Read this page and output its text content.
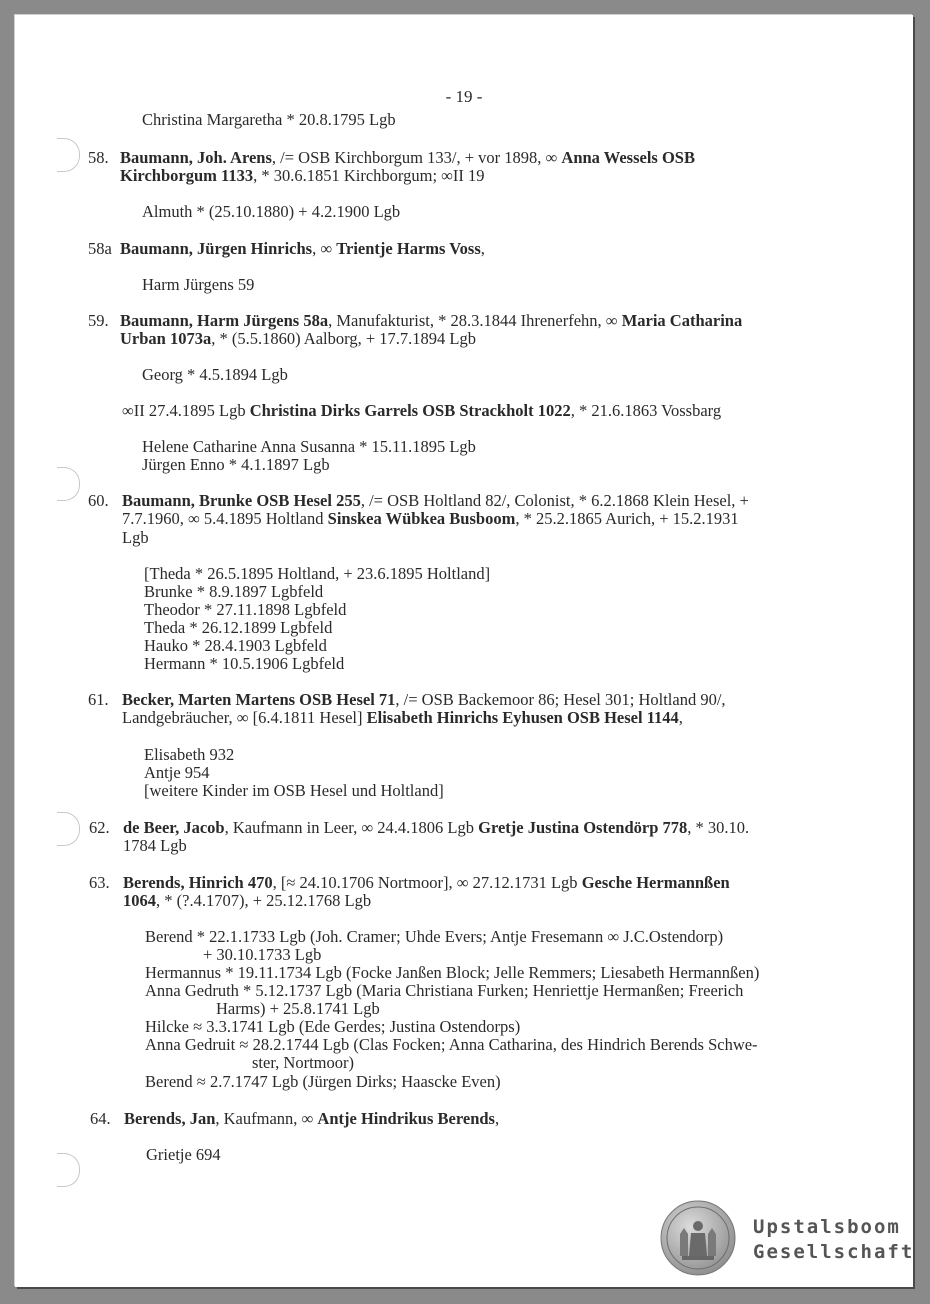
- 19 -
Christina Margaretha * 20.8.1795 Lgb
58. Baumann, Joh. Arens, /= OSB Kirchborgum 133/, + vor 1898, ∞ Anna Wessels OSB
Kirchborgum 1133, * 30.6.1851 Kirchborgum; ∞II 19
Almuth * (25.10.1880) + 4.2.1900 Lgb
58a Baumann, Jürgen Hinrichs, ∞ Trientje Harms Voss,
Harm Jürgens 59
59. Baumann, Harm Jürgens 58a, Manufakturist, * 28.3.1844 Ihrenerfehn, ∞ Maria Catharina
Urban 1073a, * (5.5.1860) Aalborg, + 17.7.1894 Lgb
Georg * 4.5.1894 Lgb
∞II 27.4.1895 Lgb Christina Dirks Garrels OSB Strackholt 1022, * 21.6.1863 Vossbarg
Helene Catharine Anna Susanna * 15.11.1895 Lgb
Jürgen Enno * 4.1.1897 Lgb
60. Baumann, Brunke OSB Hesel 255, /= OSB Holtland 82/, Colonist, * 6.2.1868 Klein Hesel, +
7.7.1960, ∞ 5.4.1895 Holtland Sinskea Wübkea Busboom, * 25.2.1865 Aurich, + 15.2.1931
Lgb
[Theda * 26.5.1895 Holtland, + 23.6.1895 Holtland]
Brunke * 8.9.1897 Lgbfeld
Theodor * 27.11.1898 Lgbfeld
Theda * 26.12.1899 Lgbfeld
Hauko * 28.4.1903 Lgbfeld
Hermann * 10.5.1906 Lgbfeld
61. Becker, Marten Martens OSB Hesel 71, /= OSB Backemoor 86; Hesel 301; Holtland 90/,
Landgebräucher, ∞ [6.4.1811 Hesel] Elisabeth Hinrichs Eyhusen OSB Hesel 1144,
Elisabeth 932
Antje 954
[weitere Kinder im OSB Hesel und Holtland]
62. de Beer, Jacob, Kaufmann in Leer, ∞ 24.4.1806 Lgb Gretje Justina Ostendörp 778, * 30.10.
1784 Lgb
63. Berends, Hinrich 470, [≈ 24.10.1706 Nortmoor], ∞ 27.12.1731 Lgb Gesche Hermannßen
1064, * (?.4.1707), + 25.12.1768 Lgb
Berend * 22.1.1733 Lgb (Joh. Cramer; Uhde Evers; Antje Fresemann ∞ J.C.Ostendorp)
+ 30.10.1733 Lgb
Hermannus * 19.11.1734 Lgb (Focke Janßen Block; Jelle Remmers; Liesabeth Hermannßen)
Anna Gedruth * 5.12.1737 Lgb (Maria Christiana Furken; Henriettje Hermanßen; Freerich
Harms) + 25.8.1741 Lgb
Hilcke ≈ 3.3.1741 Lgb (Ede Gerdes; Justina Ostendorps)
Anna Gedruit ≈ 28.2.1744 Lgb (Clas Focken; Anna Catharina, des Hindrich Berends Schwe-
ster, Nortmoor)
Berend ≈ 2.7.1747 Lgb (Jürgen Dirks; Haascke Even)
64. Berends, Jan, Kaufmann, ∞ Antje Hindrikus Berends,
Grietje 694
Upstalsboom
Gesellschaft
